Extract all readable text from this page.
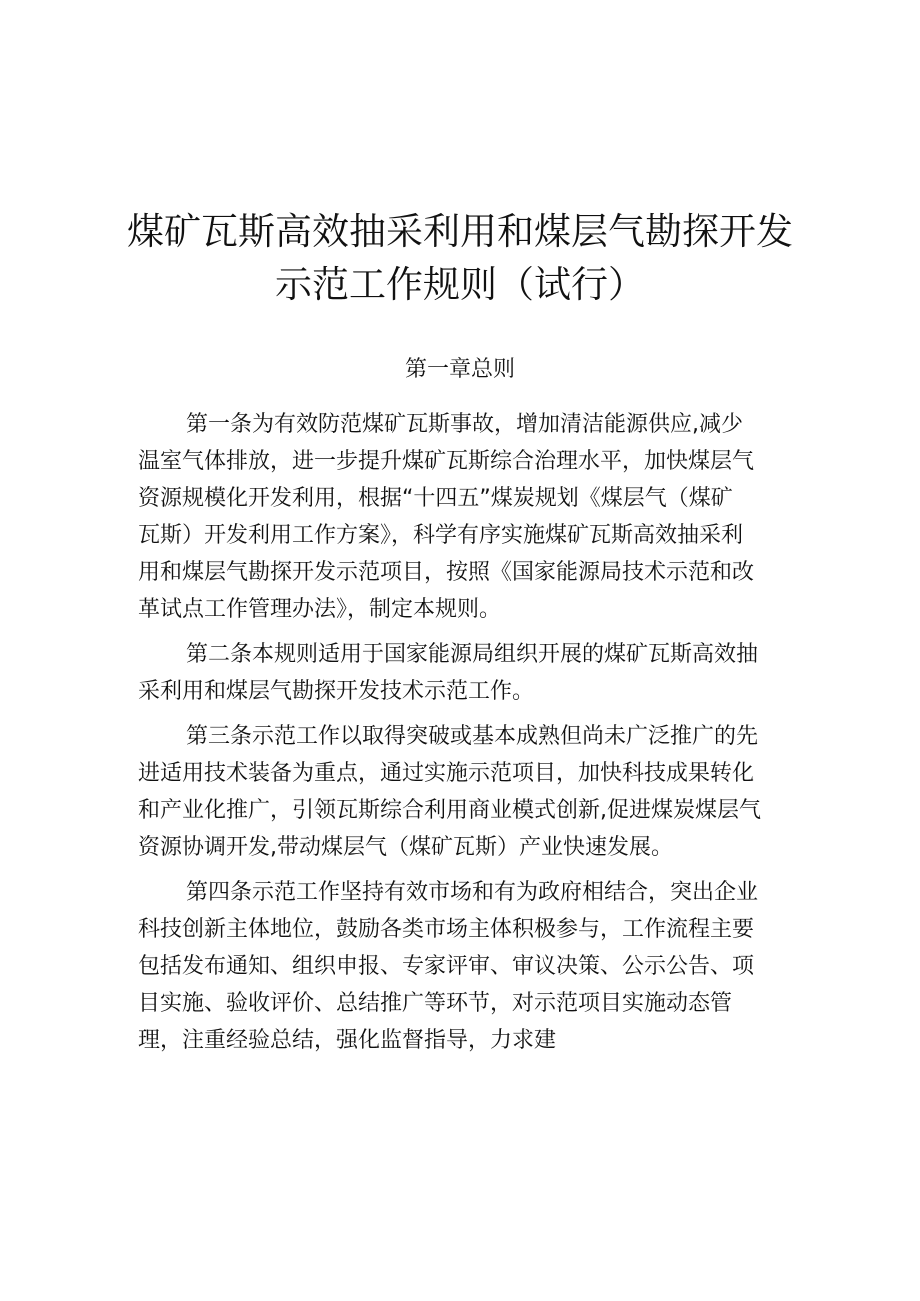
煤矿瓦斯高效抽采利用和煤层气勘探开发
示范工作规则（试行）
第一章总则

第一条为有效防范煤矿瓦斯事故，增加清洁能源供应,减少
温室气体排放，进一步提升煤矿瓦斯综合治理水平，加快煤层气
资源规模化开发利用，根据“十四五”煤炭规划《煤层气（煤矿
瓦斯）开发利用工作方案》，科学有序实施煤矿瓦斯高效抽采利
用和煤层气勘探开发示范项目，按照《国家能源局技术示范和改
革试点工作管理办法》，制定本规则。

第二条本规则适用于国家能源局组织开展的煤矿瓦斯高效抽
采利用和煤层气勘探开发技术示范工作。

第三条示范工作以取得突破或基本成熟但尚未广泛推广的先
进适用技术装备为重点，通过实施示范项目，加快科技成果转化
和产业化推广，引领瓦斯综合利用商业模式创新,促进煤炭煤层气
资源协调开发,带动煤层气（煤矿瓦斯）产业快速发展。

第四条示范工作坚持有效市场和有为政府相结合，突出企业
科技创新主体地位，鼓励各类市场主体积极参与，工作流程主要
包括发布通知、组织申报、专家评审、审议决策、公示公告、项
目实施、验收评价、总结推广等环节，对示范项目实施动态管
理，注重经验总结，强化监督指导，力求建
